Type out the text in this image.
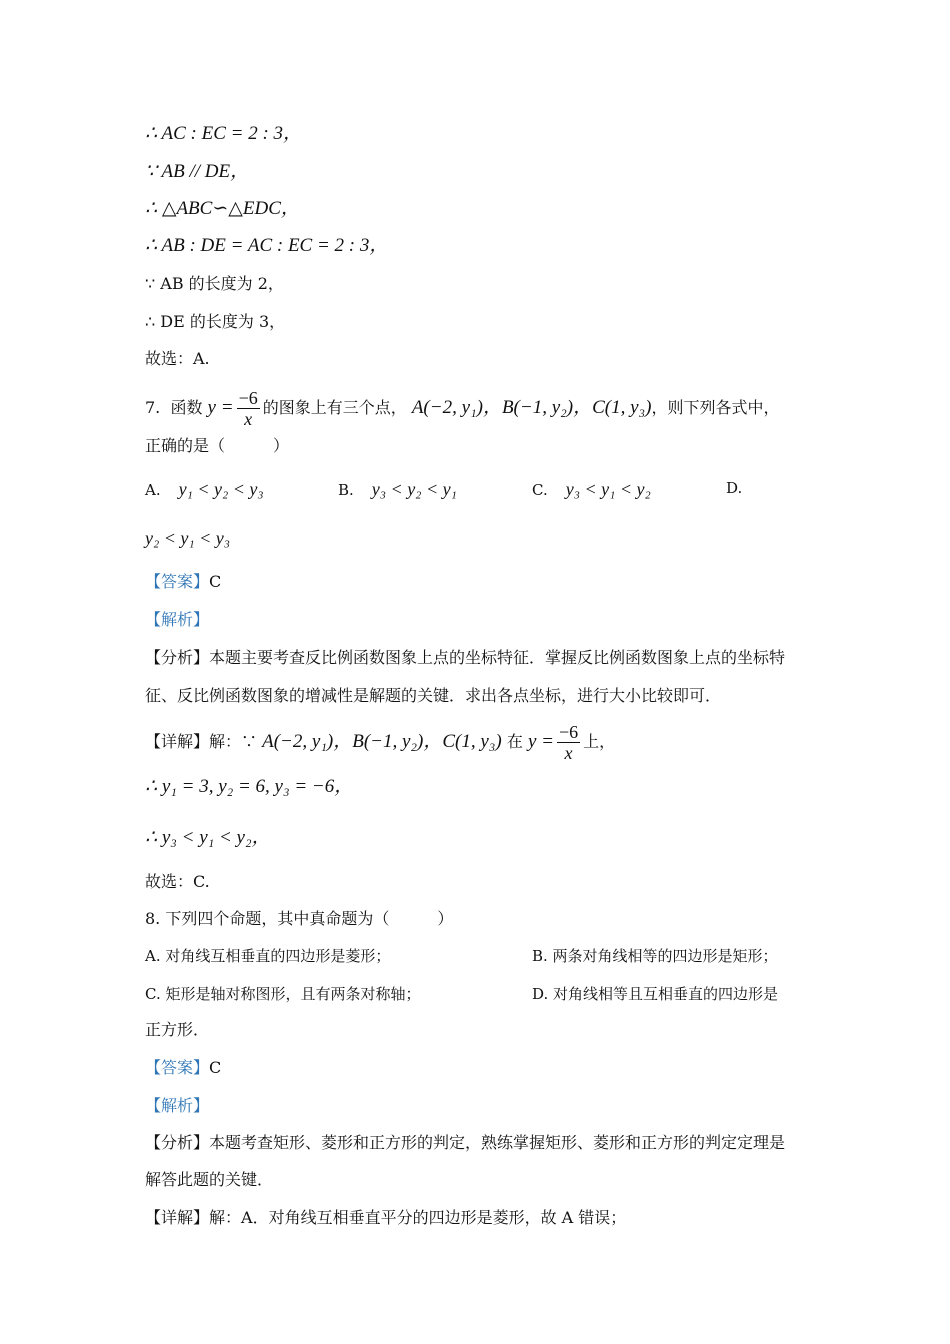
∴ AC : EC = 2 : 3，
∵ AB // DE，
∴ △ABC∽△EDC，
∴ AB : DE = AC : EC = 2 : 3，
∵ AB 的长度为 2，
∴ DE 的长度为 3，
故选：A.
7. 函数 $y = \frac{-6}{x}$ 的图象上有三个点， A(−2, y₁)，B(−1, y₂)，C(1, y₃)，则下列各式中，
正确的是（　　　）
A. y₁ < y₂ < y₃	B. y₃ < y₂ < y₁	C. y₃ < y₁ < y₂	D.
y₂ < y₁ < y₃
【答案】C
【解析】
【分析】本题主要考查反比例函数图象上点的坐标特征．掌握反比例函数图象上点的坐标特
征、反比例函数图象的增减性是解题的关键．求出各点坐标，进行大小比较即可．
【详解】解：∵ A(−2, y₁)，B(−1, y₂)，C(1, y₃) 在 $y = \frac{-6}{x}$ 上，
∴ y₁ = 3, y₂ = 6, y₃ = −6，
∴ y₃ < y₁ < y₂，
故选：C.
8. 下列四个命题，其中真命题为（　　　）
A. 对角线互相垂直的四边形是菱形；	B. 两条对角线相等的四边形是矩形；
C. 矩形是轴对称图形，且有两条对称轴；	D. 对角线相等且互相垂直的四边形是
正方形．
【答案】C
【解析】
【分析】本题考查矩形、菱形和正方形的判定，熟练掌握矩形、菱形和正方形的判定定理是
解答此题的关键．
【详解】解：A．对角线互相垂直平分的四边形是菱形，故 A 错误；
